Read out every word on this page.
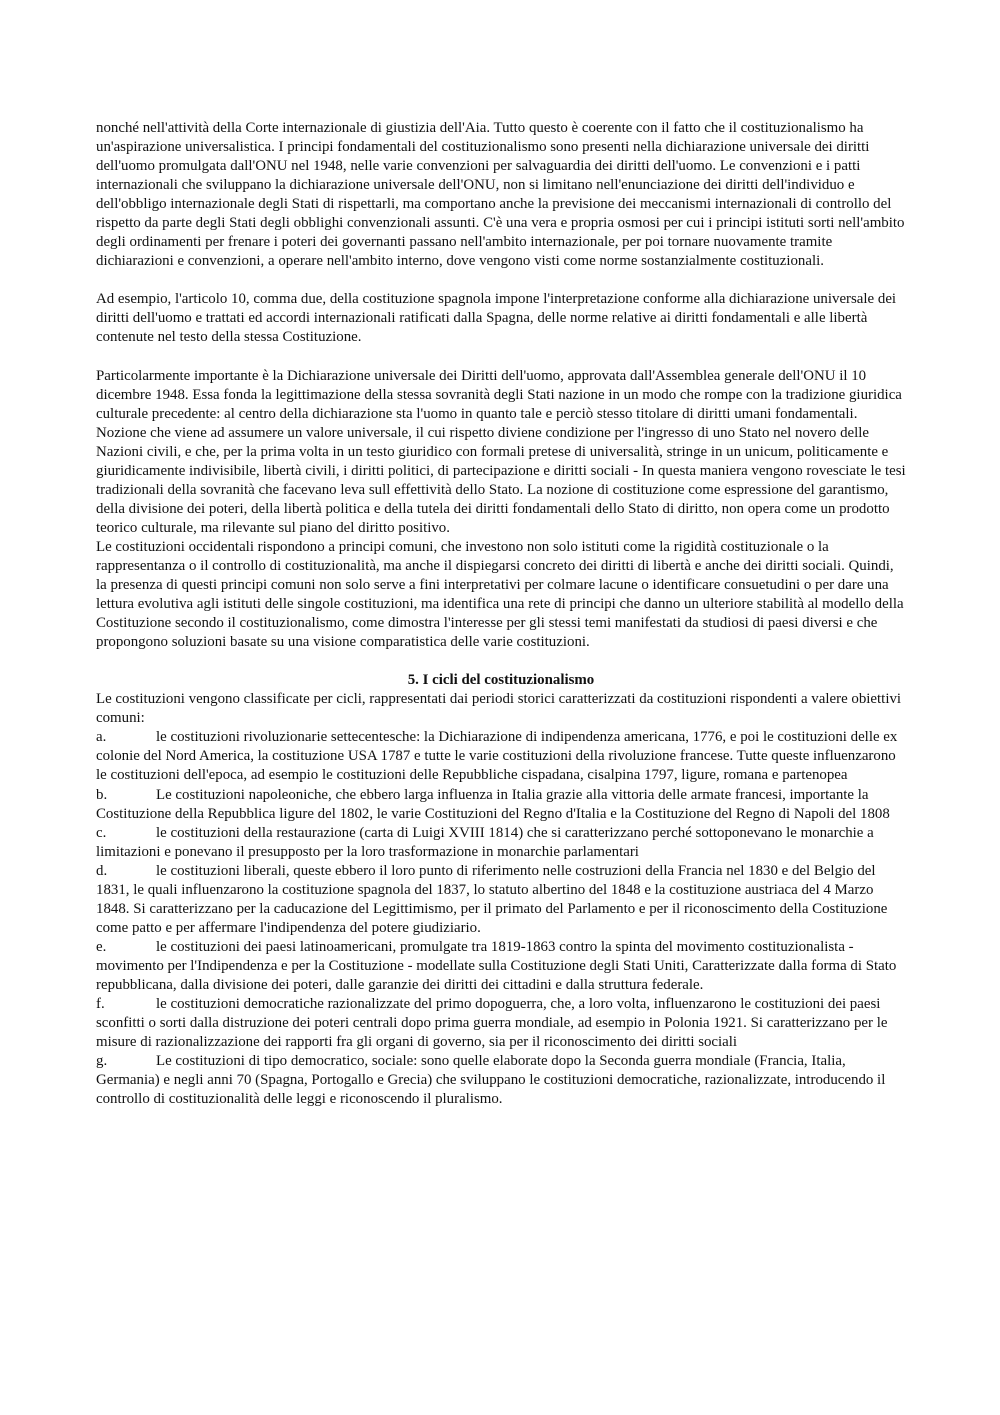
nonché nell'attività della Corte internazionale di giustizia dell'Aia. Tutto questo è coerente con il fatto che il costituzionalismo ha un'aspirazione universalistica. I principi fondamentali del costituzionalismo sono presenti nella dichiarazione universale dei diritti dell'uomo promulgata dall'ONU nel 1948, nelle varie convenzioni per salvaguardia dei diritti dell'uomo. Le convenzioni e i patti internazionali che sviluppano la dichiarazione universale dell'ONU, non si limitano nell'enunciazione dei diritti dell'individuo e dell'obbligo internazionale degli Stati di rispettarli, ma comportano anche la previsione dei meccanismi internazionali di controllo del rispetto da parte degli Stati degli obblighi convenzionali assunti. C'è una vera e propria osmosi per cui i principi istituti sorti nell'ambito degli ordinamenti per frenare i poteri dei governanti passano nell'ambito internazionale, per poi tornare nuovamente tramite dichiarazioni e convenzioni, a operare nell'ambito interno, dove vengono visti come norme sostanzialmente costituzionali.

Ad esempio, l'articolo 10, comma due, della costituzione spagnola impone l'interpretazione conforme alla dichiarazione universale dei diritti dell'uomo e trattati ed accordi internazionali ratificati dalla Spagna, delle norme relative ai diritti fondamentali e alle libertà contenute nel testo della stessa Costituzione.

Particolarmente importante è la Dichiarazione universale dei Diritti dell'uomo, approvata dall'Assemblea generale dell'ONU il 10 dicembre 1948. Essa fonda la legittimazione della stessa sovranità degli Stati nazione in un modo che rompe con la tradizione giuridica culturale precedente: al centro della dichiarazione sta l'uomo in quanto tale e perciò stesso titolare di diritti umani fondamentali. Nozione che viene ad assumere un valore universale, il cui rispetto diviene condizione per l'ingresso di uno Stato nel novero delle Nazioni civili, e che, per la prima volta in un testo giuridico con formali pretese di universalità, stringe in un unicum, politicamente e giuridicamente indivisibile, libertà civili, i diritti politici, di partecipazione e diritti sociali - In questa maniera vengono rovesciate le tesi tradizionali della sovranità che facevano leva sull effettività dello Stato. La nozione di costituzione come espressione del garantismo, della divisione dei poteri, della libertà politica e della tutela dei diritti fondamentali dello Stato di diritto, non opera come un prodotto teorico culturale, ma rilevante sul piano del diritto positivo.

Le costituzioni occidentali rispondono a principi comuni, che investono non solo istituti come la rigidità costituzionale o la rappresentanza o il controllo di costituzionalità, ma anche il dispiegarsi concreto dei diritti di libertà e anche dei diritti sociali. Quindi, la presenza di questi principi comuni non solo serve a fini interpretativi per colmare lacune o identificare consuetudini o per dare una lettura evolutiva agli istituti delle singole costituzioni, ma identifica una rete di principi che danno un ulteriore stabilità al modello della Costituzione secondo il costituzionalismo, come dimostra l'interesse per gli stessi temi manifestati da studiosi di paesi diversi e che propongono soluzioni basate su una visione comparatistica delle varie costituzioni.

5. I cicli del costituzionalismo

Le costituzioni vengono classificate per cicli, rappresentati dai periodi storici caratterizzati da costituzioni rispondenti a valere obiettivi comuni:

a.	le costituzioni rivoluzionarie settecentesche: la Dichiarazione di indipendenza americana, 1776, e poi le costituzioni delle ex colonie del Nord America, la costituzione USA 1787 e tutte le varie costituzioni della rivoluzione francese. Tutte queste influenzarono le costituzioni dell'epoca, ad esempio le costituzioni delle Repubbliche cispadana, cisalpina 1797, ligure, romana e partenopea
b.	Le costituzioni napoleoniche, che ebbero larga influenza in Italia grazie alla vittoria delle armate francesi, importante la Costituzione della Repubblica ligure del 1802, le varie Costituzioni del Regno d'Italia e la Costituzione del Regno di Napoli del 1808
c.	le costituzioni della restaurazione (carta di Luigi XVIII 1814) che si caratterizzano perché sottoponevano le monarchie a limitazioni e ponevano il presupposto per la loro trasformazione in monarchie parlamentari
d.	le costituzioni liberali, queste ebbero il loro punto di riferimento nelle costruzioni della Francia nel 1830 e del Belgio del 1831, le quali influenzarono la costituzione spagnola del 1837, lo statuto albertino del 1848 e la costituzione austriaca del 4 Marzo 1848. Si caratterizzano per la caducazione del Legittimismo, per il primato del Parlamento e per il riconoscimento della Costituzione come patto e per affermare l'indipendenza del potere giudiziario.
e.	le costituzioni dei paesi latinoamericani, promulgate tra 1819-1863 contro la spinta del movimento costituzionalista - movimento per l'Indipendenza e per la Costituzione - modellate sulla Costituzione degli Stati Uniti, Caratterizzate dalla forma di Stato repubblicana, dalla divisione dei poteri, dalle garanzie dei diritti dei cittadini e dalla struttura federale.
f.	le costituzioni democratiche razionalizzate del primo dopoguerra, che, a loro volta, influenzarono le costituzioni dei paesi sconfitti o sorti dalla distruzione dei poteri centrali dopo prima guerra mondiale, ad esempio in Polonia 1921. Si caratterizzano per le misure di razionalizzazione dei rapporti fra gli organi di governo, sia per il riconoscimento dei diritti sociali
g.	Le costituzioni di tipo democratico, sociale: sono quelle elaborate dopo la Seconda guerra mondiale (Francia, Italia, Germania) e negli anni 70 (Spagna, Portogallo e Grecia) che sviluppano le costituzioni democratiche, razionalizzate, introducendo il controllo di costituzionalità delle leggi e riconoscendo il pluralismo.
